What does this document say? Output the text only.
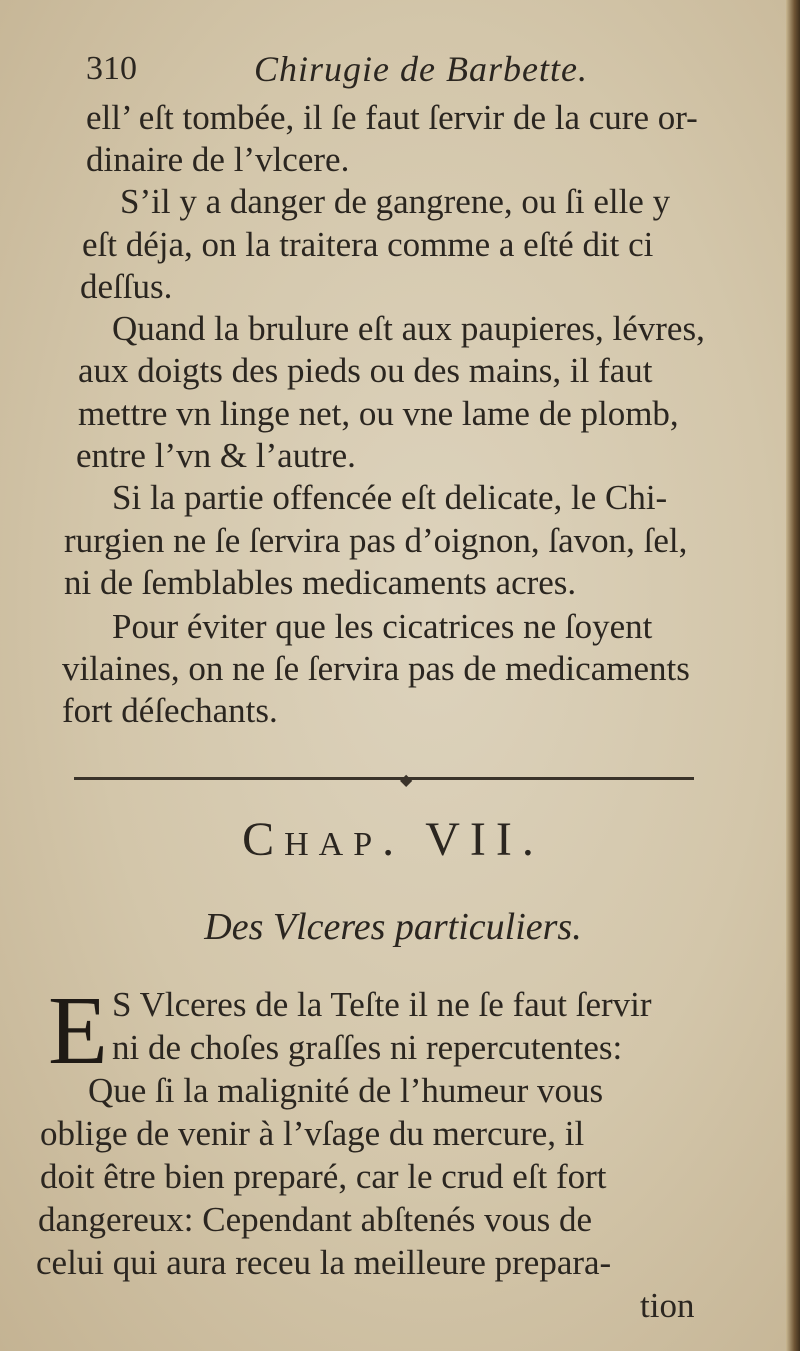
310	Chirugie de Barbette.
ell’ eſt tombée, il ſe faut ſervir de la cure or-
dinaire de l’vlcere.
S’il y a danger de gangrene, ou ſi elle y
eſt déja, on la traitera comme a eſté dit ci
deſſus.
Quand la brulure eſt aux paupieres, lévres,
aux doigts des pieds ou des mains, il faut
mettre vn linge net, ou vne lame de plomb,
entre l’vn & l’autre.
Si la partie offencée eſt delicate, le Chi-
rurgien ne ſe ſervira pas d’oignon, ſavon, ſel,
ni de ſemblables medicaments acres.
Pour éviter que les cicatrices ne ſoyent
vilaines, on ne ſe ſervira pas de medicaments
fort déſechants.
◆
Chap. VII.
Des Vlceres particuliers.
E S Vlceres de la Teſte il ne ſe faut ſervir
ni de choſes graſſes ni repercutentes:
Que ſi la malignité de l’humeur vous
oblige de venir à l’vſage du mercure, il
doit être bien preparé, car le crud eſt fort
dangereux: Cependant abſtenés vous de
celui qui aura receu la meilleure prepara-
tion
